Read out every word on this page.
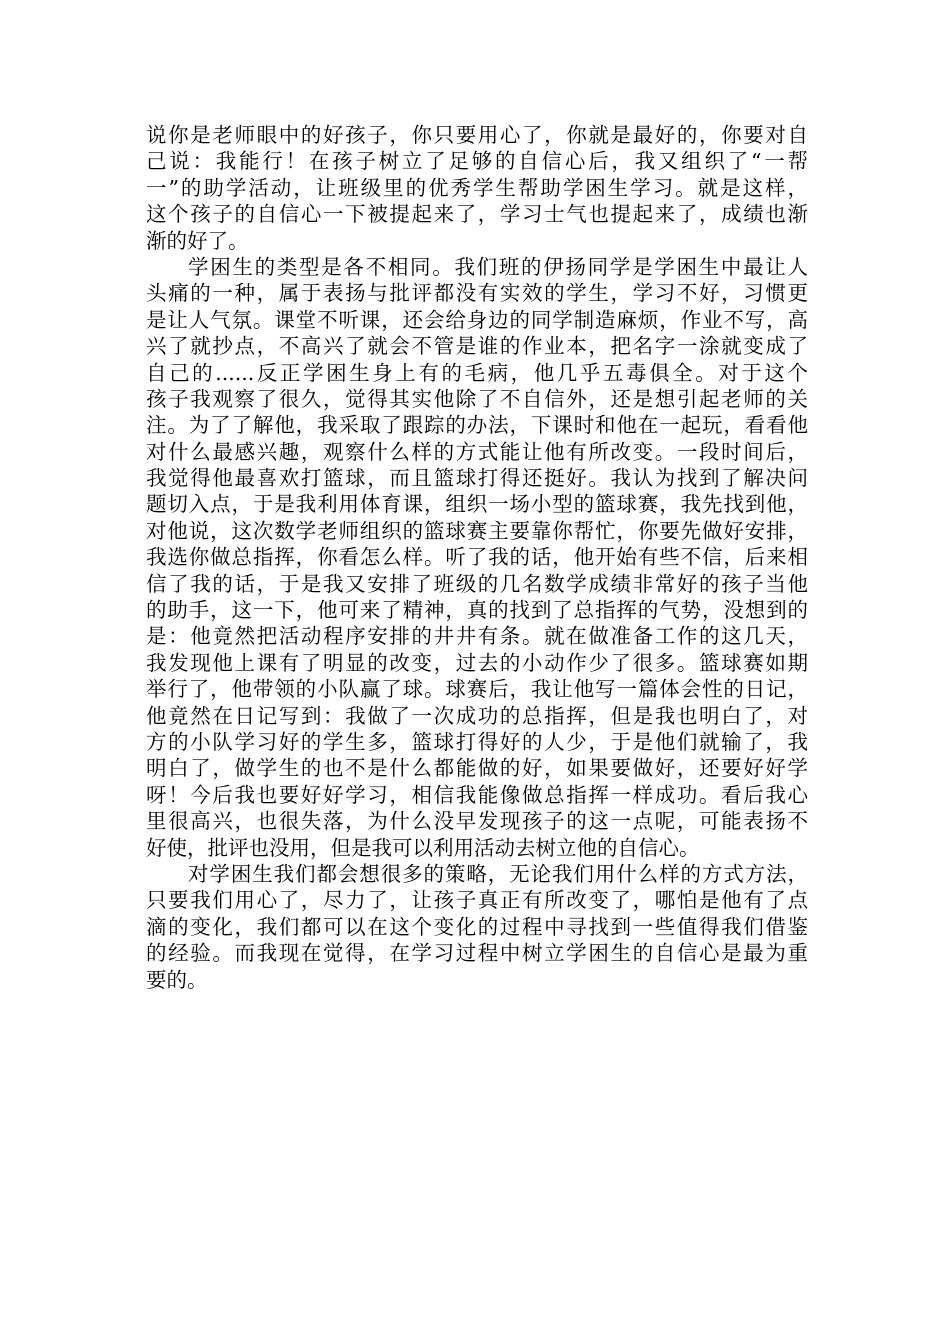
说你是老师眼中的好孩子，你只要用心了，你就是最好的，你要对自
己说：我能行！在孩子树立了足够的自信心后，我又组织了“一帮
一”的助学活动，让班级里的优秀学生帮助学困生学习。就是这样，
这个孩子的自信心一下被提起来了，学习士气也提起来了，成绩也渐
渐的好了。
学困生的类型是各不相同。我们班的伊扬同学是学困生中最让人
头痛的一种，属于表扬与批评都没有实效的学生，学习不好，习惯更
是让人气氛。课堂不听课，还会给身边的同学制造麻烦，作业不写，高
兴了就抄点，不高兴了就会不管是谁的作业本，把名字一涂就变成了
自己的......反正学困生身上有的毛病，他几乎五毒俱全。对于这个
孩子我观察了很久，觉得其实他除了不自信外，还是想引起老师的关
注。为了了解他，我采取了跟踪的办法，下课时和他在一起玩，看看他
对什么最感兴趣，观察什么样的方式能让他有所改变。一段时间后，
我觉得他最喜欢打篮球，而且篮球打得还挺好。我认为找到了解决问
题切入点，于是我利用体育课，组织一场小型的篮球赛，我先找到他，
对他说，这次数学老师组织的篮球赛主要靠你帮忙，你要先做好安排，
我选你做总指挥，你看怎么样。听了我的话，他开始有些不信，后来相
信了我的话，于是我又安排了班级的几名数学成绩非常好的孩子当他
的助手，这一下，他可来了精神，真的找到了总指挥的气势，没想到的
是：他竟然把活动程序安排的井井有条。就在做准备工作的这几天，
我发现他上课有了明显的改变，过去的小动作少了很多。篮球赛如期
举行了，他带领的小队赢了球。球赛后，我让他写一篇体会性的日记，
他竟然在日记写到：我做了一次成功的总指挥，但是我也明白了，对
方的小队学习好的学生多，篮球打得好的人少，于是他们就输了，我
明白了，做学生的也不是什么都能做的好，如果要做好，还要好好学
呀！今后我也要好好学习，相信我能像做总指挥一样成功。看后我心
里很高兴，也很失落，为什么没早发现孩子的这一点呢，可能表扬不
好使，批评也没用，但是我可以利用活动去树立他的自信心。
对学困生我们都会想很多的策略，无论我们用什么样的方式方法，
只要我们用心了，尽力了，让孩子真正有所改变了，哪怕是他有了点
滴的变化，我们都可以在这个变化的过程中寻找到一些值得我们借鉴
的经验。而我现在觉得，在学习过程中树立学困生的自信心是最为重
要的。
